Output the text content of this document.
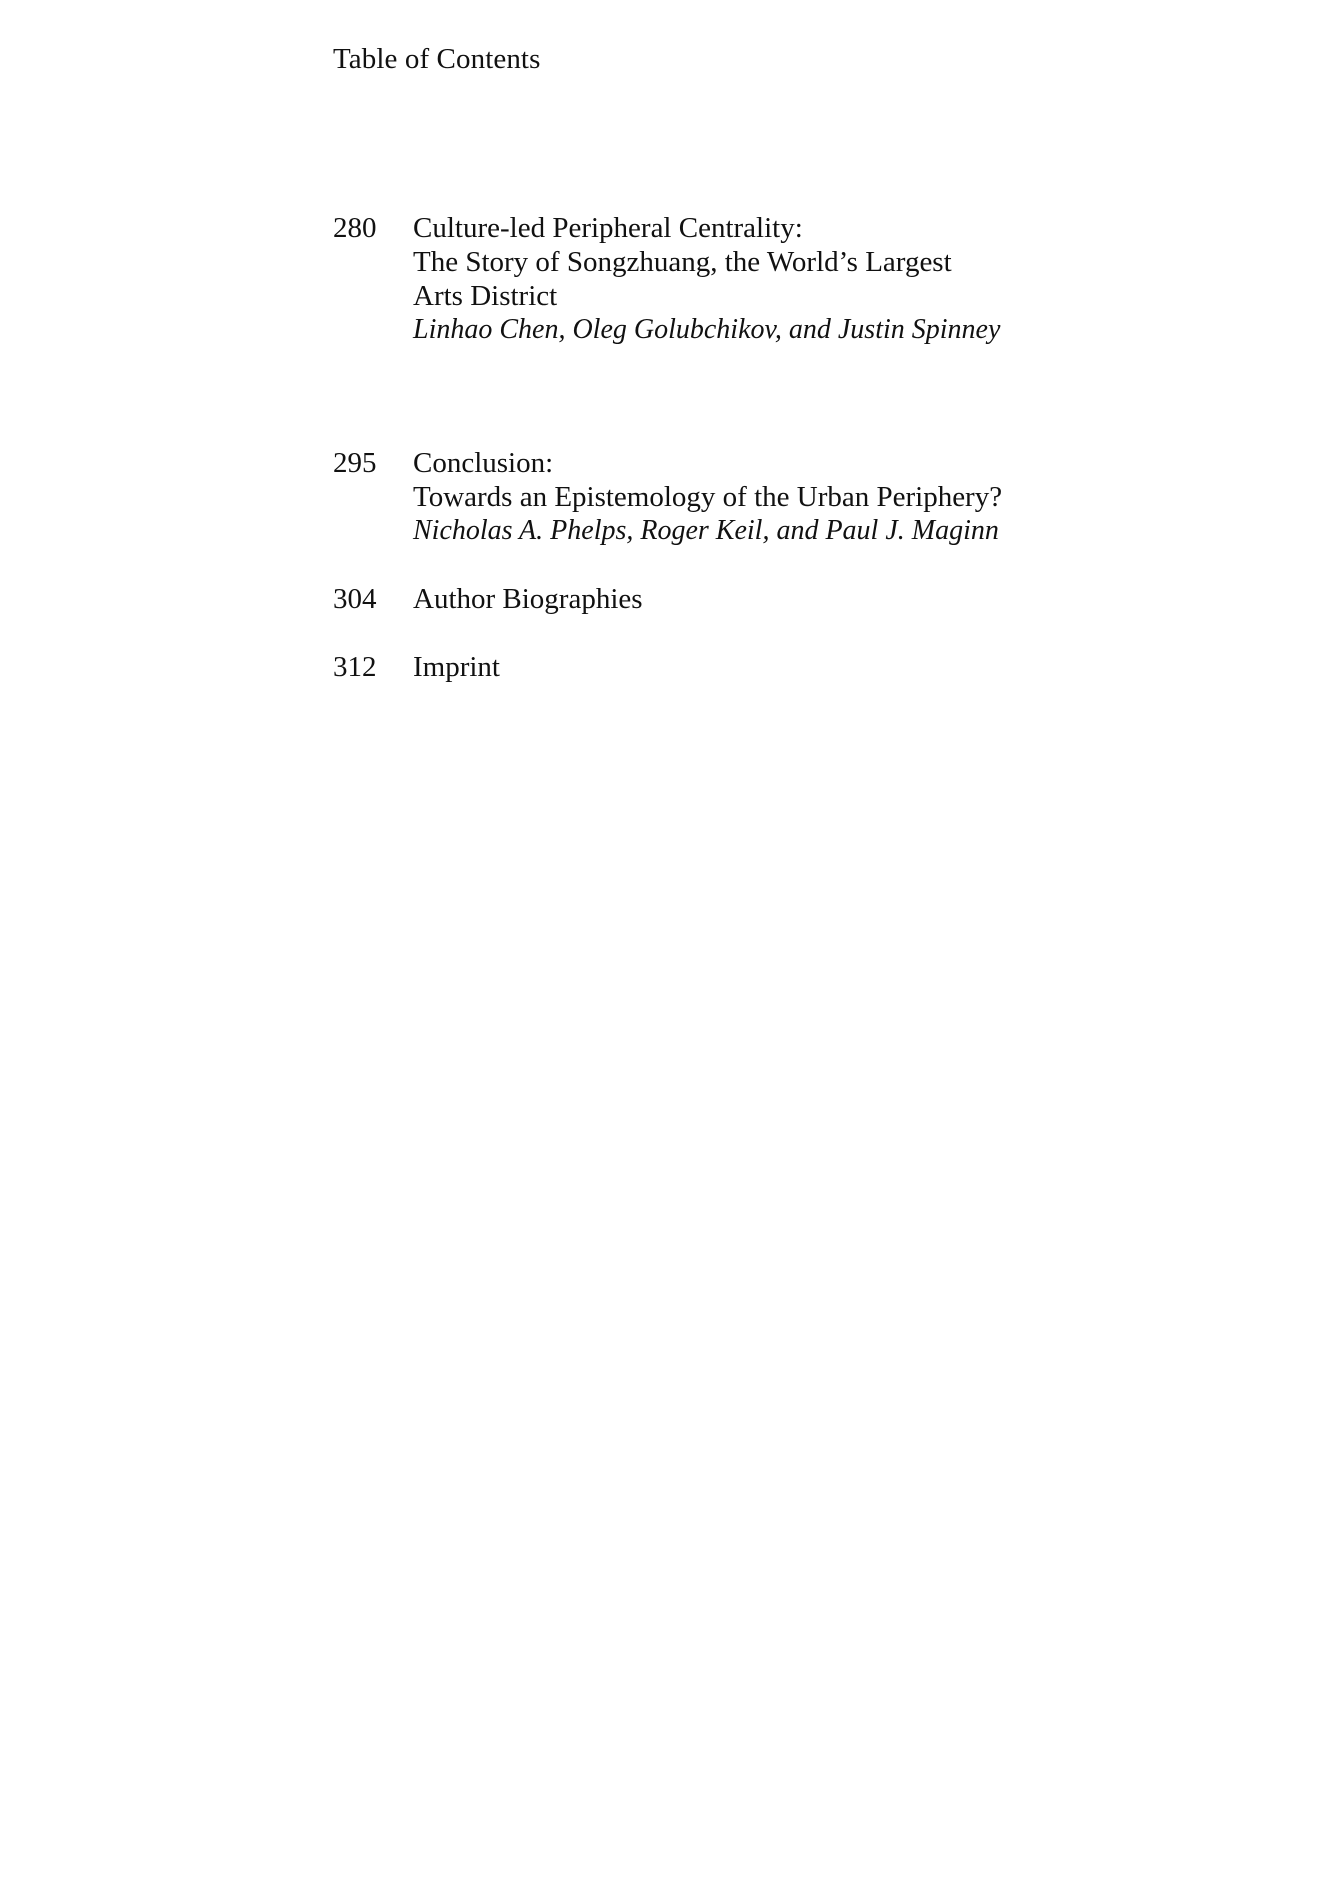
Table of Contents
280 Culture-led Peripheral Centrality:
The Story of Songzhuang, the World’s Largest
Arts District
Linhao Chen, Oleg Golubchikov, and Justin Spinney
295 Conclusion:
Towards an Epistemology of the Urban Periphery?
Nicholas A. Phelps, Roger Keil, and Paul J. Maginn
304 Author Biographies
312 Imprint
